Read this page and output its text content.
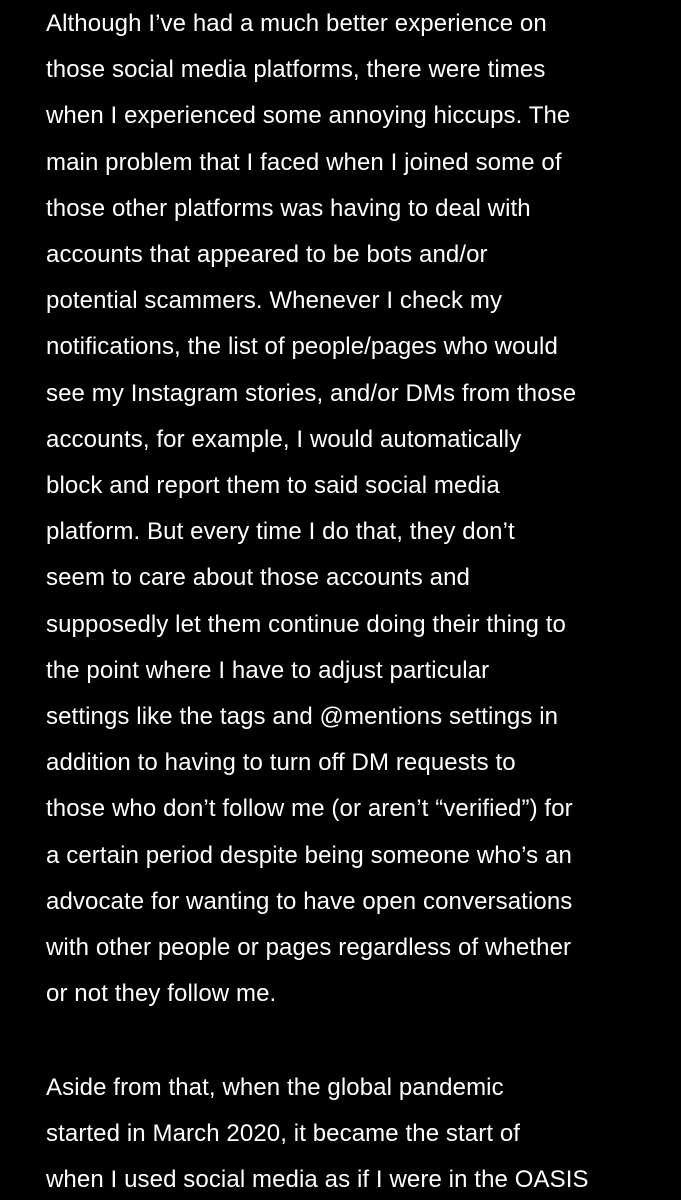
Although I’ve had a much better experience on
those social media platforms, there were times
when I experienced some annoying hiccups. The
main problem that I faced when I joined some of
those other platforms was having to deal with
accounts that appeared to be bots and/or
potential scammers. Whenever I check my
notifications, the list of people/pages who would
see my Instagram stories, and/or DMs from those
accounts, for example, I would automatically
block and report them to said social media
platform. But every time I do that, they don’t
seem to care about those accounts and
supposedly let them continue doing their thing to
the point where I have to adjust particular
settings like the tags and @mentions settings in
addition to having to turn off DM requests to
those who don’t follow me (or aren’t “verified”) for
a certain period despite being someone who’s an
advocate for wanting to have open conversations
with other people or pages regardless of whether
or not they follow me.
Aside from that, when the global pandemic
started in March 2020, it became the start of
when I used social media as if I were in the OASIS
